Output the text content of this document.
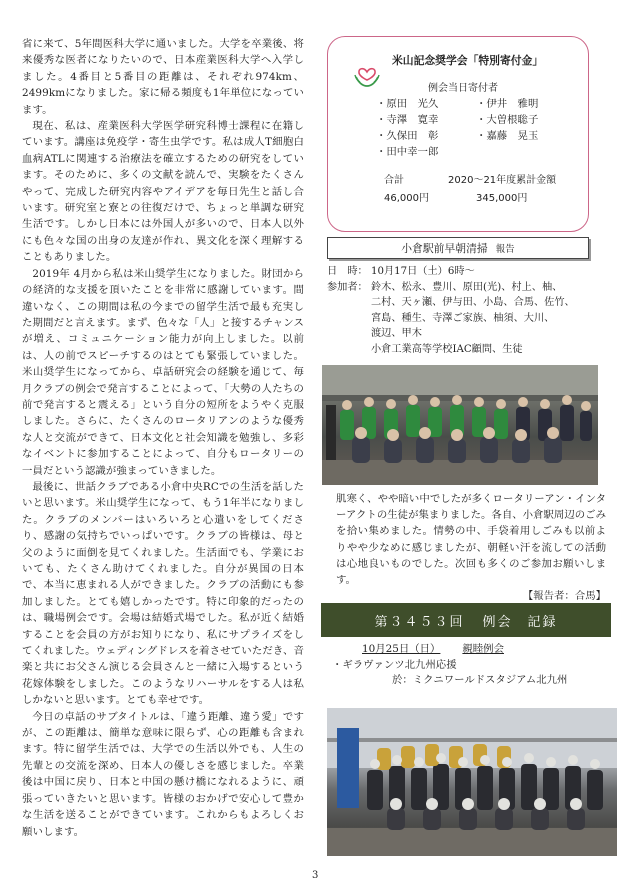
省に来て、5年間医科大学に通いました。大学を卒業後、将来優秀な医者になりたいので、日本産業医科大学へ入学しました。4番目と5番目の距離は、それぞれ974km、2499kmになりました。家に帰る頻度も1年単位になっています。

現在、私は、産業医科大学医学研究科博士課程に在籍しています。講座は免疫学・寄生虫学です。私は成人T細胞白血病ATLに関連する治療法を確立するための研究をしています。そのために、多くの文献を読んで、実験をたくさんやって、完成した研究内容やアイデアを毎日先生と話し合います。研究室と寮との往復だけで、ちょっと単調な研究生活です。しかし日本には外国人が多いので、日本人以外にも色々な国の出身の友達が作れ、異文化を深く理解することもありました。

2019年 4月から私は米山奨学生になりました。財団からの経済的な支援を頂いたことを非常に感謝しています。間違いなく、この期間は私の今までの留学生活で最も充実した期間だと言えます。まず、色々な「人」と接するチャンスが増え、コミュニケーション能力が向上しました。以前は、人の前でスピーチするのはとても緊張していました。米山奨学生になってから、卓話研究会の経験を通じて、毎月クラブの例会で発言することによって、「大勢の人たちの前で発言すると震える」という自分の短所をようやく克服しました。さらに、たくさんのロータリアンのような優秀な人と交流ができて、日本文化と社会知識を勉強し、多彩なイベントに参加することによって、自分もロータリーの一員だという認識が強まっていきました。

最後に、世話クラブである小倉中央RCでの生活を話したいと思います。米山奨学生になって、もう1年半になりました。クラブのメンバーはいろいろと心遣いをしてくださり、感謝の気持ちでいっぱいです。クラブの皆様は、母と父のように面倒を見てくれました。生活面でも、学業においても、たくさん助けてくれました。自分が異国の日本で、本当に恵まれる人ができました。クラブの活動にも参加しました。とても嬉しかったです。特に印象的だったのは、職場例会です。会場は結婚式場でした。私が近く結婚することを会員の方がお知りになり、私にサプライズをしてくれました。ウェディングドレスを着させていただき、音楽と共にお父さん演じる会員さんと一緒に入場するという花嫁体験をしました。このようなリハーサルをする人は私しかないと思います。とても幸せです。

今日の卓話のサブタイトルは、「違う距離、違う愛」ですが、この距離は、簡単な意味に限らず、心の距離も含まれます。特に留学生活では、大学での生活以外でも、人生の先輩との交流を深め、日本人の優しさを感じました。卒業後は中国に戻り、日本と中国の懸け橋になれるように、頑張っていきたいと思います。皆様のおかげで安心して豊かな生活を送ることができています。これからもよろしくお願いします。

米山記念奨学会「特別寄付金」
例会当日寄付者
・原田　光久	・伊井　雅明
・寺澤　寛幸	・大曽根聡子
・久保田　彰	・嘉藤　晃玉
・田中幸一郎
合計	2020～21年度累計金額
46,000円	345,000円
小倉駅前早朝清掃 報告
日　時： 10月17日（土）6時～
参加者： 鈴木、松永、豊川、原田(光)、村上、柚、
二村、天ヶ瀬、伊与田、小島、合馬、佐竹、
宮島、種生、寺澤ご家族、柚須、大川、
渡辺、甲木
小倉工業高等学校IAC顧問、生徒
肌寒く、やや暗い中でしたが多くロータリーアン・インターアクトの生徒が集まりました。各自、小倉駅周辺のごみを拾い集めました。情勢の中、手袋着用しごみも以前よりやや少なめに感じましたが、朝軽い汗を流しての活動は心地良いものでした。次回も多くのご参加お願いします。
【報告者：合馬】
第３４５３回 例会　記録
10月25日（日） 親睦例会
・ギラヴァンツ北九州応援
於：ミクニワールドスタジアム北九州
3
